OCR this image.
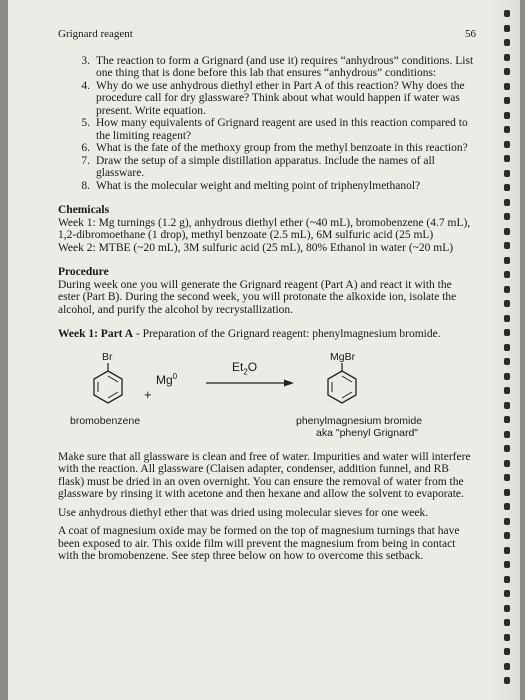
Grignard reagent	56
3. The reaction to form a Grignard (and use it) requires “anhydrous” conditions. List one thing that is done before this lab that ensures “anhydrous” conditions:
4. Why do we use anhydrous diethyl ether in Part A of this reaction? Why does the procedure call for dry glassware? Think about what would happen if water was present. Write equation.
5. How many equivalents of Grignard reagent are used in this reaction compared to the limiting reagent?
6. What is the fate of the methoxy group from the methyl benzoate in this reaction?
7. Draw the setup of a simple distillation apparatus. Include the names of all glassware.
8. What is the molecular weight and melting point of triphenylmethanol?
Chemicals

Week 1: Mg turnings (1.2 g), anhydrous diethyl ether (~40 mL), bromobenzene (4.7 mL), 1,2-dibromoethane (1 drop), methyl benzoate (2.5 mL), 6M sulfuric acid (25 mL)

Week 2: MTBE (~20 mL), 3M sulfuric acid (25 mL), 80% Ethanol in water (~20 mL)

Procedure

During week one you will generate the Grignard reagent (Part A) and react it with the ester (Part B). During the second week, you will protonate the alkoxide ion, isolate the alcohol, and purify the alcohol by recrystallization.

Week 1: Part A - Preparation of the Grignard reagent: phenylmagnesium bromide.
Br
+
$Mg^0$
$Et_2O$
MgBr
bromobenzene	phenylmagnesium bromide
aka "phenyl Grignard"

Make sure that all glassware is clean and free of water. Impurities and water will interfere with the reaction. All glassware (Claisen adapter, condenser, addition funnel, and RB flask) must be dried in an oven overnight. You can ensure the removal of water from the glassware by rinsing it with acetone and then hexane and allow the solvent to evaporate.

Use anhydrous diethyl ether that was dried using molecular sieves for one week.

A coat of magnesium oxide may be formed on the top of magnesium turnings that have been exposed to air. This oxide film will prevent the magnesium from being in contact with the bromobenzene. See step three below on how to overcome this setback.
